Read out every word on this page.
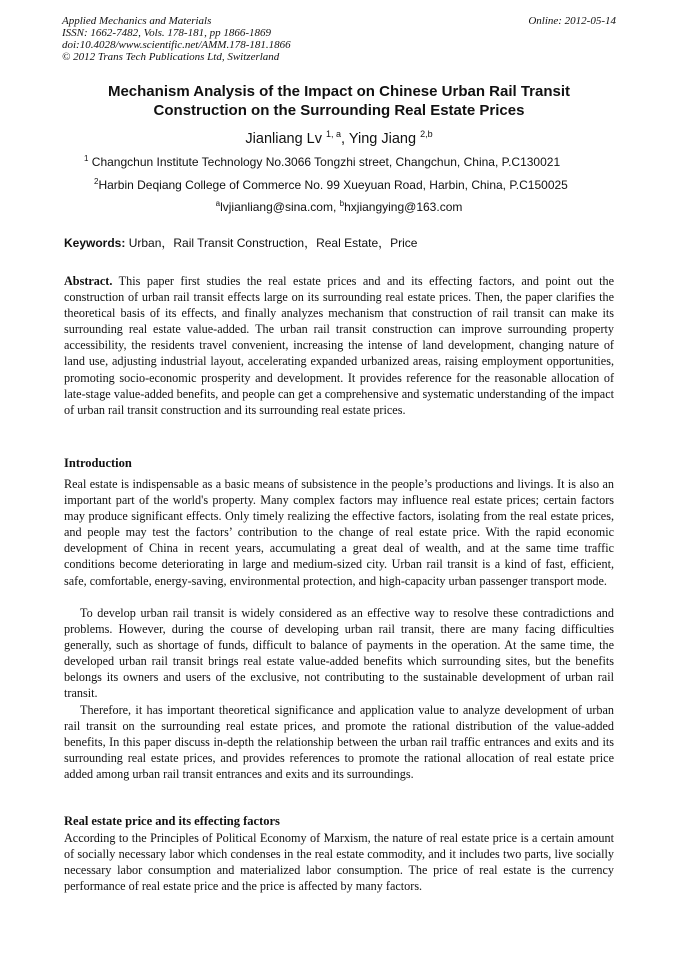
Applied Mechanics and Materials
ISSN: 1662-7482, Vols. 178-181, pp 1866-1869
doi:10.4028/www.scientific.net/AMM.178-181.1866
© 2012 Trans Tech Publications Ltd, Switzerland
Online: 2012-05-14
Mechanism Analysis of the Impact on Chinese Urban Rail Transit
Construction on the Surrounding Real Estate Prices
Jianliang Lv $^{1, a}$, Ying Jiang $^{2,b}$
$^1$ Changchun Institute Technology No.3066 Tongzhi street, Changchun, China, P.C130021
$^2$Harbin Deqiang College of Commerce No. 99 Xueyuan Road, Harbin, China, P.C150025
$^a$lvjianliang@sina.com, $^b$hxjiangying@163.com
Keywords: Urban，Rail Transit Construction，Real Estate，Price

Abstract. This paper first studies the real estate prices and and its effecting factors, and point out the construction of urban rail transit effects large on its surrounding real estate prices. Then, the paper clarifies the theoretical basis of its effects, and finally analyzes mechanism that construction of rail transit can make its surrounding real estate value-added. The urban rail transit construction can improve surrounding property accessibility, the residents travel convenient, increasing the intense of land development, changing nature of land use, adjusting industrial layout, accelerating expanded urbanized areas, raising employment opportunities, promoting socio-economic prosperity and development. It provides reference for the reasonable allocation of late-stage value-added benefits, and people can get a comprehensive and systematic understanding of the impact of urban rail transit construction and its surrounding real estate prices.

Introduction

Real estate is indispensable as a basic means of subsistence in the people’s productions and livings. It is also an important part of the world's property. Many complex factors may influence real estate prices; certain factors may produce significant effects. Only timely realizing the effective factors, isolating from the real estate prices, and people may test the factors’ contribution to the change of real estate price. With the rapid economic development of China in recent years, accumulating a great deal of wealth, and at the same time traffic conditions become deteriorating in large and medium-sized city. Urban rail transit is a kind of fast, efficient, safe, comfortable, energy-saving, environmental protection, and high-capacity urban passenger transport mode.

To develop urban rail transit is widely considered as an effective way to resolve these contradictions and problems. However, during the course of developing urban rail transit, there are many facing difficulties generally, such as shortage of funds, difficult to balance of payments in the operation. At the same time, the developed urban rail transit brings real estate value-added benefits which surrounding sites, but the benefits belongs its owners and users of the exclusive, not contributing to the sustainable development of urban rail transit.

Therefore, it has important theoretical significance and application value to analyze development of urban rail transit on the surrounding real estate prices, and promote the rational distribution of the value-added benefits, In this paper discuss in-depth the relationship between the urban rail traffic entrances and exits and its surrounding real estate prices, and provides references to promote the rational allocation of real estate price added among urban rail transit entrances and exits and its surroundings.

Real estate price and its effecting factors

According to the Principles of Political Economy of Marxism, the nature of real estate price is a certain amount of socially necessary labor which condenses in the real estate commodity, and it includes two parts, live socially necessary labor consumption and materialized labor consumption. The price of real estate is the currency performance of real estate price and the price is affected by many factors.
